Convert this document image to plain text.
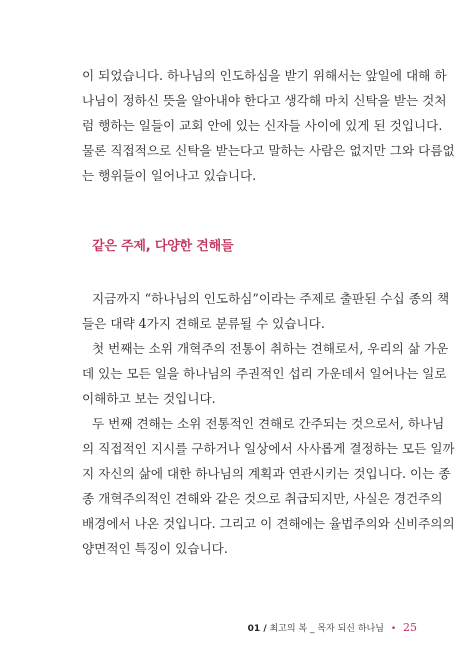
이 되었습니다. 하나님의 인도하심을 받기 위해서는 앞일에 대해 하
나님이 정하신 뜻을 알아내야 한다고 생각해 마치 신탁을 받는 것처
럼 행하는 일들이 교회 안에 있는 신자들 사이에 있게 된 것입니다.
물론 직접적으로 신탁을 받는다고 말하는 사람은 없지만 그와 다름없
는 행위들이 일어나고 있습니다.
같은 주제, 다양한 견해들
지금까지 “하나님의 인도하심”이라는 주제로 출판된 수십 종의 책
들은 대략 4가지 견해로 분류될 수 있습니다.
첫 번째는 소위 개혁주의 전통이 취하는 견해로서, 우리의 삶 가운
데 있는 모든 일을 하나님의 주권적인 섭리 가운데서 일어나는 일로
이해하고 보는 것입니다.
두 번째 견해는 소위 전통적인 견해로 간주되는 것으로서, 하나님
의 직접적인 지시를 구하거나 일상에서 사사롭게 결정하는 모든 일까
지 자신의 삶에 대한 하나님의 계획과 연관시키는 것입니다. 이는 종
종 개혁주의적인 견해와 같은 것으로 취급되지만, 사실은 경건주의
배경에서 나온 것입니다. 그리고 이 견해에는 율법주의와 신비주의의
양면적인 특징이 있습니다.
01 / 최고의 복 _ 목자 되신 하나님 • 25
